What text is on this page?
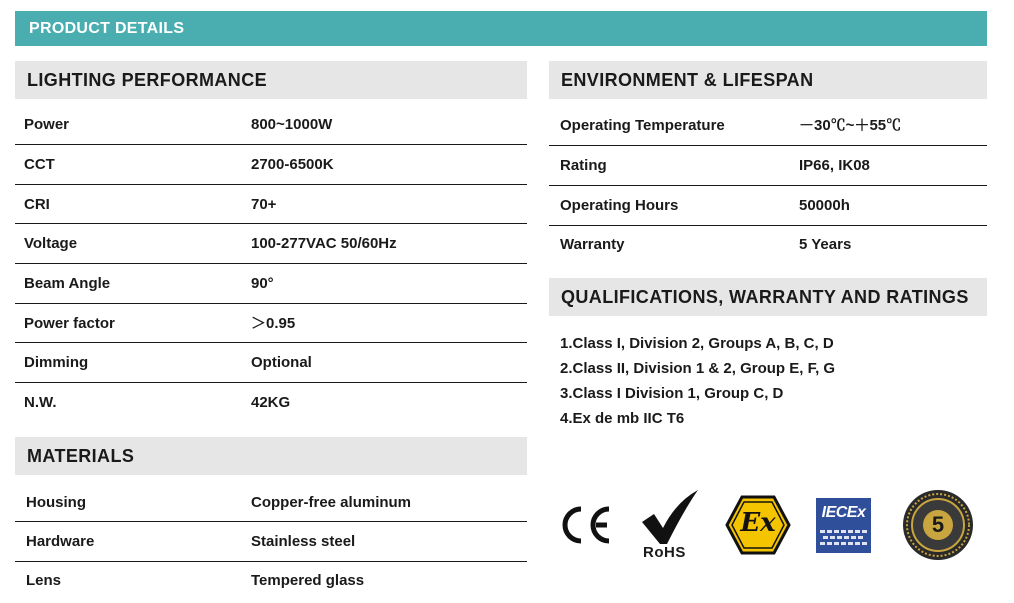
PRODUCT DETAILS
LIGHTING PERFORMANCE
Power	800~1000W
CCT	2700-6500K
CRI	70+
Voltage	100-277VAC 50/60Hz
Beam Angle	90°
Power factor	＞0.95
Dimming	Optional
N.W.	42KG
MATERIALS
Housing	Copper-free aluminum
Hardware	Stainless steel
Lens	Tempered glass
ENVIRONMENT & LIFESPAN
Operating Temperature	－30℃~＋55℃
Rating	IP66, IK08
Operating Hours	50000h
Warranty	5 Years
QUALIFICATIONS, WARRANTY AND RATINGS
1.Class I, Division 2, Groups A, B, C, D
2.Class II, Division 1 & 2, Group E, F, G
3.Class I Division 1, Group C, D
4.Ex de mb IIC T6
RoHS
Ex	IECEx	5
